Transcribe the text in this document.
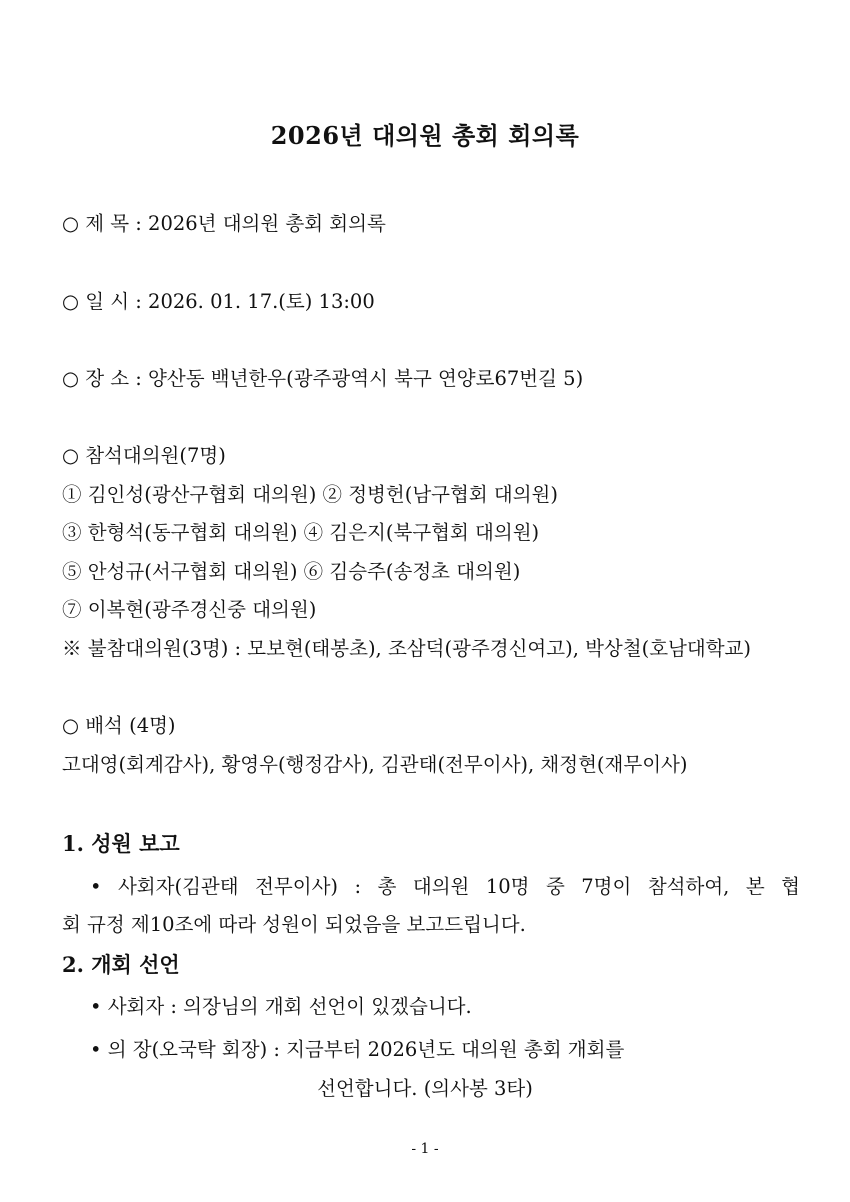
2026년 대의원 총회 회의록
○ 제 목 : 2026년 대의원 총회 회의록
○ 일 시 : 2026. 01. 17.(토) 13:00
○ 장 소 : 양산동 백년한우(광주광역시 북구 연양로67번길 5)
○ 참석대의원(7명)
① 김인성(광산구협회 대의원) ② 정병헌(남구협회 대의원)
③ 한형석(동구협회 대의원) ④ 김은지(북구협회 대의원)
⑤ 안성규(서구협회 대의원) ⑥ 김승주(송정초 대의원)
⑦ 이복현(광주경신중 대의원)
※ 불참대의원(3명) : 모보현(태봉초), 조삼덕(광주경신여고), 박상철(호남대학교)
○ 배석 (4명)
고대영(회계감사), 황영우(행정감사), 김관태(전무이사), 채정현(재무이사)
1. 성원 보고
• 사회자(김관태 전무이사) : 총 대의원 10명 중 7명이 참석하여, 본 협
회 규정 제10조에 따라 성원이 되었음을 보고드립니다.
2. 개회 선언
• 사회자 : 의장님의 개회 선언이 있겠습니다.
• 의 장(오국탁 회장) : 지금부터 2026년도 대의원 총회 개회를
선언합니다. (의사봉 3타)
- 1 -
